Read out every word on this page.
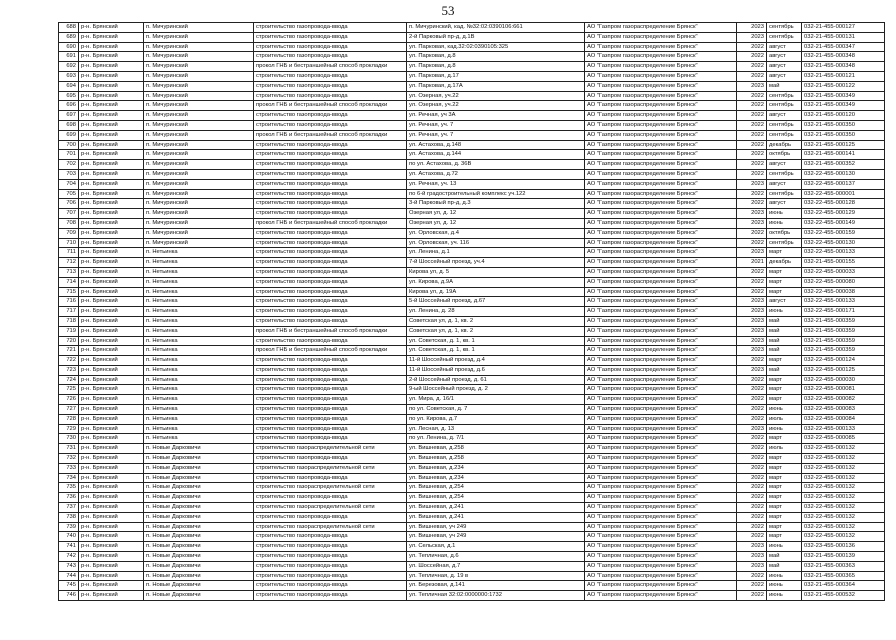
53
688	р-н. Брянский	п. Мичуринский	строительство газопровода-ввода	п. Мичуринский, кад. №32:02:0390106:661	АО "Газпром газораспределение Брянск"	2023	сентябрь	032-21-455-000127
689	р-н. Брянский	п. Мичуринский	строительство газопровода-ввода	2-й Парковый пр-д, д.1В	АО "Газпром газораспределение Брянск"	2023	сентябрь	032-21-455-000131
690	р-н. Брянский	п. Мичуринский	строительство газопровода-ввода	ул. Парковая, кад.32:02:0390105:325	АО "Газпром газораспределение Брянск"	2022	август	032-21-455-000347
691	р-н. Брянский	п. Мичуринский	строительство газопровода-ввода	ул. Парковая, д.8	АО "Газпром газораспределение Брянск"	2022	август	032-21-455-000348
692	р-н. Брянский	п. Мичуринский	прокол ГНБ и бестраншейный способ прокладки	ул. Парковая, д.8	АО "Газпром газораспределение Брянск"	2022	август	032-21-455-000348
693	р-н. Брянский	п. Мичуринский	строительство газопровода-ввода	ул. Парковая, д.17	АО "Газпром газораспределение Брянск"	2022	август	032-21-455-000121
694	р-н. Брянский	п. Мичуринский	строительство газопровода-ввода	ул. Парковая, д.17А	АО "Газпром газораспределение Брянск"	2023	май	032-21-455-000122
695	р-н. Брянский	п. Мичуринский	строительство газопровода-ввода	ул. Озерная, уч.22	АО "Газпром газораспределение Брянск"	2022	сентябрь	032-21-455-000349
696	р-н. Брянский	п. Мичуринский	прокол ГНБ и бестраншейный способ прокладки	ул. Озерная, уч.22	АО "Газпром газораспределение Брянск"	2022	сентябрь	032-21-455-000349
697	р-н. Брянский	п. Мичуринский	строительство газопровода-ввода	ул. Речная, уч 3А	АО "Газпром газораспределение Брянск"	2022	август	032-21-455-000120
698	р-н. Брянский	п. Мичуринский	строительство газопровода-ввода	ул. Речная, уч. 7	АО "Газпром газораспределение Брянск"	2022	сентябрь	032-21-455-000350
699	р-н. Брянский	п. Мичуринский	прокол ГНБ и бестраншейный способ прокладки	ул. Речная, уч. 7	АО "Газпром газораспределение Брянск"	2022	сентябрь	032-21-455-000350
700	р-н. Брянский	п. Мичуринский	строительство газопровода-ввода	ул. Астахова, д.148	АО "Газпром газораспределение Брянск"	2022	декабрь	032-21-455-000125
701	р-н. Брянский	п. Мичуринский	строительство газопровода-ввода	ул. Астахова, д.144	АО "Газпром газораспределение Брянск"	2022	октябрь	032-21-455-000141
702	р-н. Брянский	п. Мичуринский	строительство газопровода-ввода	по ул. Астахова, д. 36В	АО "Газпром газораспределение Брянск"	2022	август	032-21-455-000352
703	р-н. Брянский	п. Мичуринский	строительство газопровода-ввода	ул. Астахова, д.72	АО "Газпром газораспределение Брянск"	2022	сентябрь	032-22-455-000130
704	р-н. Брянский	п. Мичуринский	строительство газопровода-ввода	ул. Речная, уч. 13	АО "Газпром газораспределение Брянск"	2023	август	032-22-455-000137
705	р-н. Брянский	п. Мичуринский	строительство газопровода-ввода	по 6-й градостроительный комплекс уч.122	АО "Газпром газораспределение Брянск"	2022	сентябрь	032-22-455-000001
706	р-н. Брянский	п. Мичуринский	строительство газопровода-ввода	3-й Парковый пр-д, д.3	АО "Газпром газораспределение Брянск"	2022	август	032-22-455-000128
707	р-н. Брянский	п. Мичуринский	строительство газопровода-ввода	Озерная ул, д. 12	АО "Газпром газораспределение Брянск"	2023	июнь	032-22-455-000129
708	р-н. Брянский	п. Мичуринский	прокол ГНБ и бестраншейный способ прокладки	Озерная ул, д. 12	АО "Газпром газораспределение Брянск"	2023	июнь	032-22-455-000149
709	р-н. Брянский	п. Мичуринский	строительство газопровода-ввода	ул. Орловская, д.4	АО "Газпром газораспределение Брянск"	2022	октябрь	032-22-455-000159
710	р-н. Брянский	п. Мичуринский	строительство газопровода-ввода	ул. Орловская, уч. 116	АО "Газпром газораспределение Брянск"	2022	сентябрь	032-22-455-000130
711	р-н. Брянский	п. Нетьинка	строительство газопровода-ввода	ул. Ленина, д.1	АО "Газпром газораспределение Брянск"	2023	март	032-22-455-000133
712	р-н. Брянский	п. Нетьинка	строительство газопровода-ввода	7-й Шоссейный проезд, уч.4	АО "Газпром газораспределение Брянск"	2021	декабрь	032-21-455-000155
713	р-н. Брянский	п. Нетьинка	строительство газопровода-ввода	Кирова ул, д. 5	АО "Газпром газораспределение Брянск"	2022	март	032-22-455-000033
714	р-н. Брянский	п. Нетьинка	строительство газопровода-ввода	ул. Кирова, д.9А	АО "Газпром газораспределение Брянск"	2022	март	032-22-455-000080
715	р-н. Брянский	п. Нетьинка	строительство газопровода-ввода	Кирова ул, д. 19А	АО "Газпром газораспределение Брянск"	2022	март	032-22-455-000038
716	р-н. Брянский	п. Нетьинка	строительство газопровода-ввода	5-й Шоссейный проезд, д.67	АО "Газпром газораспределение Брянск"	2023	август	032-22-455-000133
717	р-н. Брянский	п. Нетьинка	строительство газопровода-ввода	ул. Ленина, д. 28	АО "Газпром газораспределение Брянск"	2023	июнь	032-22-455-000171
718	р-н. Брянский	п. Нетьинка	строительство газопровода-ввода	Советская ул, д. 1, кв. 2	АО "Газпром газораспределение Брянск"	2023	май	032-21-455-000359
719	р-н. Брянский	п. Нетьинка	прокол ГНБ и бестраншейный способ прокладки	Советская ул, д. 1, кв. 2	АО "Газпром газораспределение Брянск"	2023	май	032-21-455-000359
720	р-н. Брянский	п. Нетьинка	строительство газопровода-ввода	ул. Советская, д. 1, кв. 1	АО "Газпром газораспределение Брянск"	2023	май	032-21-455-000359
721	р-н. Брянский	п. Нетьинка	прокол ГНБ и бестраншейный способ прокладки	ул. Советская, д. 1, кв. 1	АО "Газпром газораспределение Брянск"	2023	май	032-21-455-000359
722	р-н. Брянский	п. Нетьинка	строительство газопровода-ввода	11-й Шоссейный проезд, д.4	АО "Газпром газораспределение Брянск"	2022	март	032-22-455-000124
723	р-н. Брянский	п. Нетьинка	строительство газопровода-ввода	11-й Шоссейный проезд, д.6	АО "Газпром газораспределение Брянск"	2023	май	032-22-455-000125
724	р-н. Брянский	п. Нетьинка	строительство газопровода-ввода	2-й Шоссейный проезд, д. 61	АО "Газпром газораспределение Брянск"	2022	март	032-22-455-000030
725	р-н. Брянский	п. Нетьинка	строительство газопровода-ввода	9-ый Шоссейный проезд, д. 2	АО "Газпром газораспределение Брянск"	2022	март	032-22-455-000081
726	р-н. Брянский	п. Нетьинка	строительство газопровода-ввода	ул. Мира, д. 16/1	АО "Газпром газораспределение Брянск"	2022	март	032-22-455-000082
727	р-н. Брянский	п. Нетьинка	строительство газопровода-ввода	по ул. Советская, д. 7	АО "Газпром газораспределение Брянск"	2022	июнь	032-22-455-000083
728	р-н. Брянский	п. Нетьинка	строительство газопровода-ввода	по ул. Кирова, д.7	АО "Газпром газораспределение Брянск"	2022	июль	032-22-455-000084
729	р-н. Брянский	п. Нетьинка	строительство газопровода-ввода	ул. Лесная, д. 13	АО "Газпром газораспределение Брянск"	2023	июнь	032-22-455-000133
730	р-н. Брянский	п. Нетьинка	строительство газопровода-ввода	по ул. Ленина, д. 7/1	АО "Газпром газораспределение Брянск"	2022	март	032-22-455-000085
731	р-н. Брянский	п. Новые Дарковичи	строительство газораспределительной сети	ул. Вишневая, д.258	АО "Газпром газораспределение Брянск"	2022	июль	032-22-455-000132
732	р-н. Брянский	п. Новые Дарковичи	строительство газопровода-ввода	ул. Вишневая, д.258	АО "Газпром газораспределение Брянск"	2022	март	032-22-455-000132
733	р-н. Брянский	п. Новые Дарковичи	строительство газораспределительной сети	ул. Вишневая, д.234	АО "Газпром газораспределение Брянск"	2022	март	032-22-455-000132
734	р-н. Брянский	п. Новые Дарковичи	строительство газопровода-ввода	ул. Вишневая, д.234	АО "Газпром газораспределение Брянск"	2022	март	032-22-455-000132
735	р-н. Брянский	п. Новые Дарковичи	строительство газораспределительной сети	ул. Вишневая, д.254	АО "Газпром газораспределение Брянск"	2022	март	032-22-455-000132
736	р-н. Брянский	п. Новые Дарковичи	строительство газопровода-ввода	ул. Вишневая, д.254	АО "Газпром газораспределение Брянск"	2022	март	032-22-455-000132
737	р-н. Брянский	п. Новые Дарковичи	строительство газораспределительной сети	ул. Вишневая, д.241	АО "Газпром газораспределение Брянск"	2022	март	032-22-455-000132
738	р-н. Брянский	п. Новые Дарковичи	строительство газопровода-ввода	ул. Вишневая, д.241	АО "Газпром газораспределение Брянск"	2022	март	032-22-455-000132
739	р-н. Брянский	п. Новые Дарковичи	строительство газораспределительной сети	ул. Вишневая, уч 249	АО "Газпром газораспределение Брянск"	2022	март	032-22-455-000132
740	р-н. Брянский	п. Новые Дарковичи	строительство газопровода-ввода	ул. Вишневая, уч 249	АО "Газпром газораспределение Брянск"	2022	март	032-22-455-000132
741	р-н. Брянский	п. Новые Дарковичи	строительство газопровода-ввода	ул. Сельская, д.1	АО "Газпром газораспределение Брянск"	2023	июнь	032-23-455-000136
742	р-н. Брянский	п. Новые Дарковичи	строительство газопровода-ввода	ул. Тепличная, д.6	АО "Газпром газораспределение Брянск"	2023	май	032-21-455-000139
743	р-н. Брянский	п. Новые Дарковичи	строительство газопровода-ввода	ул. Шоссейная, д.7	АО "Газпром газораспределение Брянск"	2023	май	032-21-455-000363
744	р-н. Брянский	п. Новые Дарковичи	строительство газопровода-ввода	ул. Тепличная, д. 19 в	АО "Газпром газораспределение Брянск"	2022	июнь	032-21-455-000365
745	р-н. Брянский	п. Новые Дарковичи	строительство газопровода-ввода	ул. Березовая, д.141	АО "Газпром газораспределение Брянск"	2022	июнь	032-21-455-000364
746	р-н. Брянский	п. Новые Дарковичи	строительство газопровода-ввода	ул. Тепличная 32:02:0000000:1732	АО "Газпром газораспределение Брянск"	2022	июнь	032-21-455-000532
